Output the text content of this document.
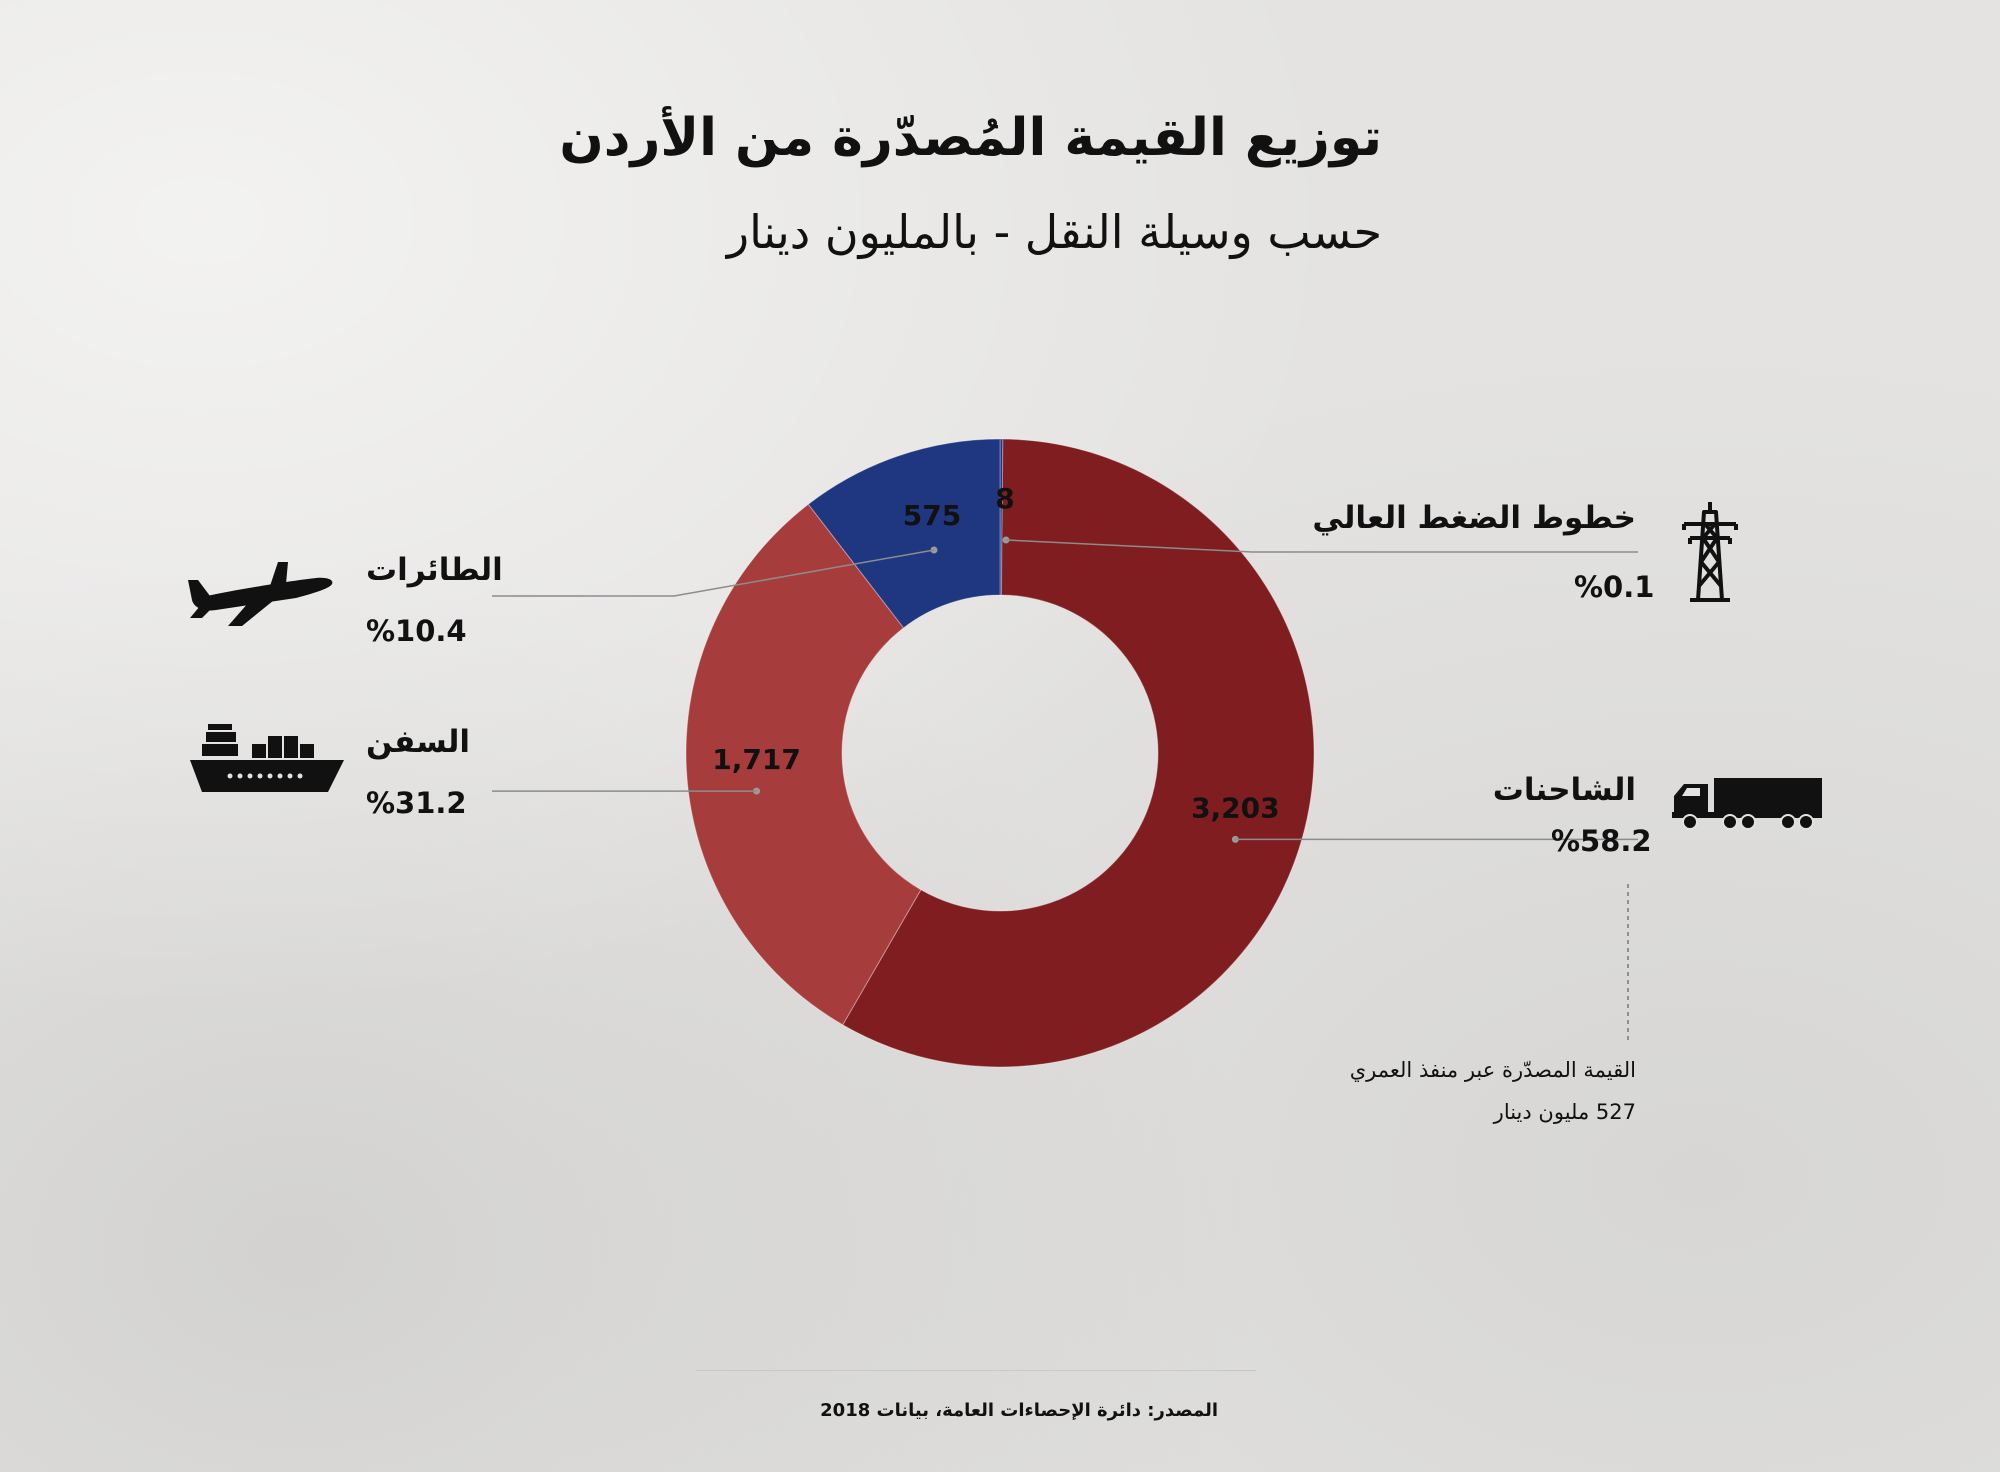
توزيع القيمة المُصدّرة من الأردن
حسب وسيلة النقل - بالمليون دينار
8
3,203
1,717
575	خطوط الضغط العالي
%0.1
الشاحنات
%58.2
السفن
%31.2
الطائرات
%10.4
القيمة المصدّرة عبر منفذ العمري
527 مليون دينار
المصدر: دائرة الإحصاءات العامة، بيانات 2018
